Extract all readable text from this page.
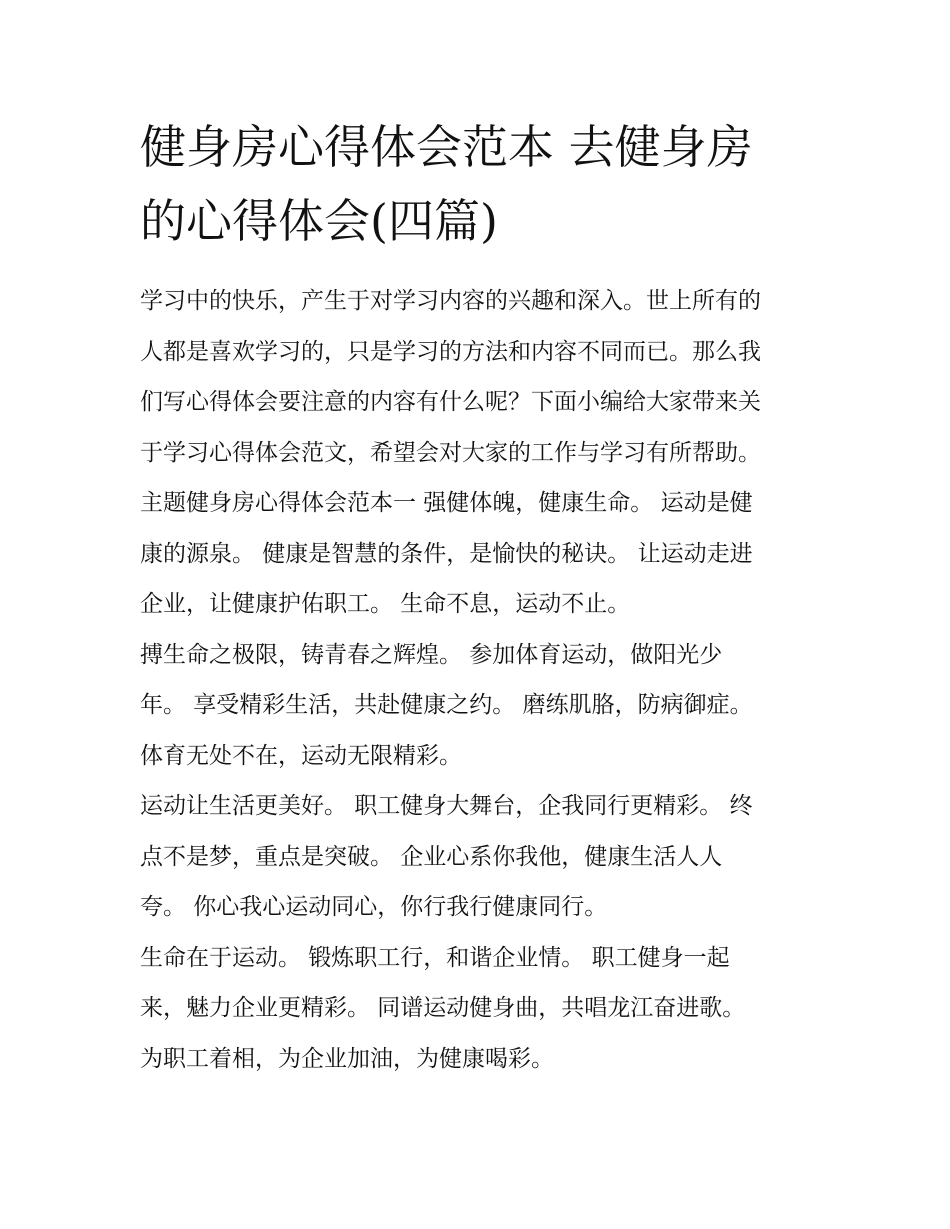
健身房心得体会范本 去健身房
的心得体会(四篇)
学习中的快乐，产生于对学习内容的兴趣和深入。世上所有的
人都是喜欢学习的，只是学习的方法和内容不同而已。那么我
们写心得体会要注意的内容有什么呢？下面小编给大家带来关
于学习心得体会范文，希望会对大家的工作与学习有所帮助。
主题健身房心得体会范本一 强健体魄，健康生命。 运动是健
康的源泉。 健康是智慧的条件，是愉快的秘诀。 让运动走进
企业，让健康护佑职工。 生命不息，运动不止。
搏生命之极限，铸青春之辉煌。 参加体育运动，做阳光少
年。 享受精彩生活，共赴健康之约。 磨练肌胳，防病御症。
体育无处不在，运动无限精彩。
运动让生活更美好。 职工健身大舞台，企我同行更精彩。 终
点不是梦，重点是突破。 企业心系你我他，健康生活人人
夸。 你心我心运动同心，你行我行健康同行。
生命在于运动。 锻炼职工行，和谐企业情。 职工健身一起
来，魅力企业更精彩。 同谱运动健身曲，共唱龙江奋进歌。
为职工着相，为企业加油，为健康喝彩。
